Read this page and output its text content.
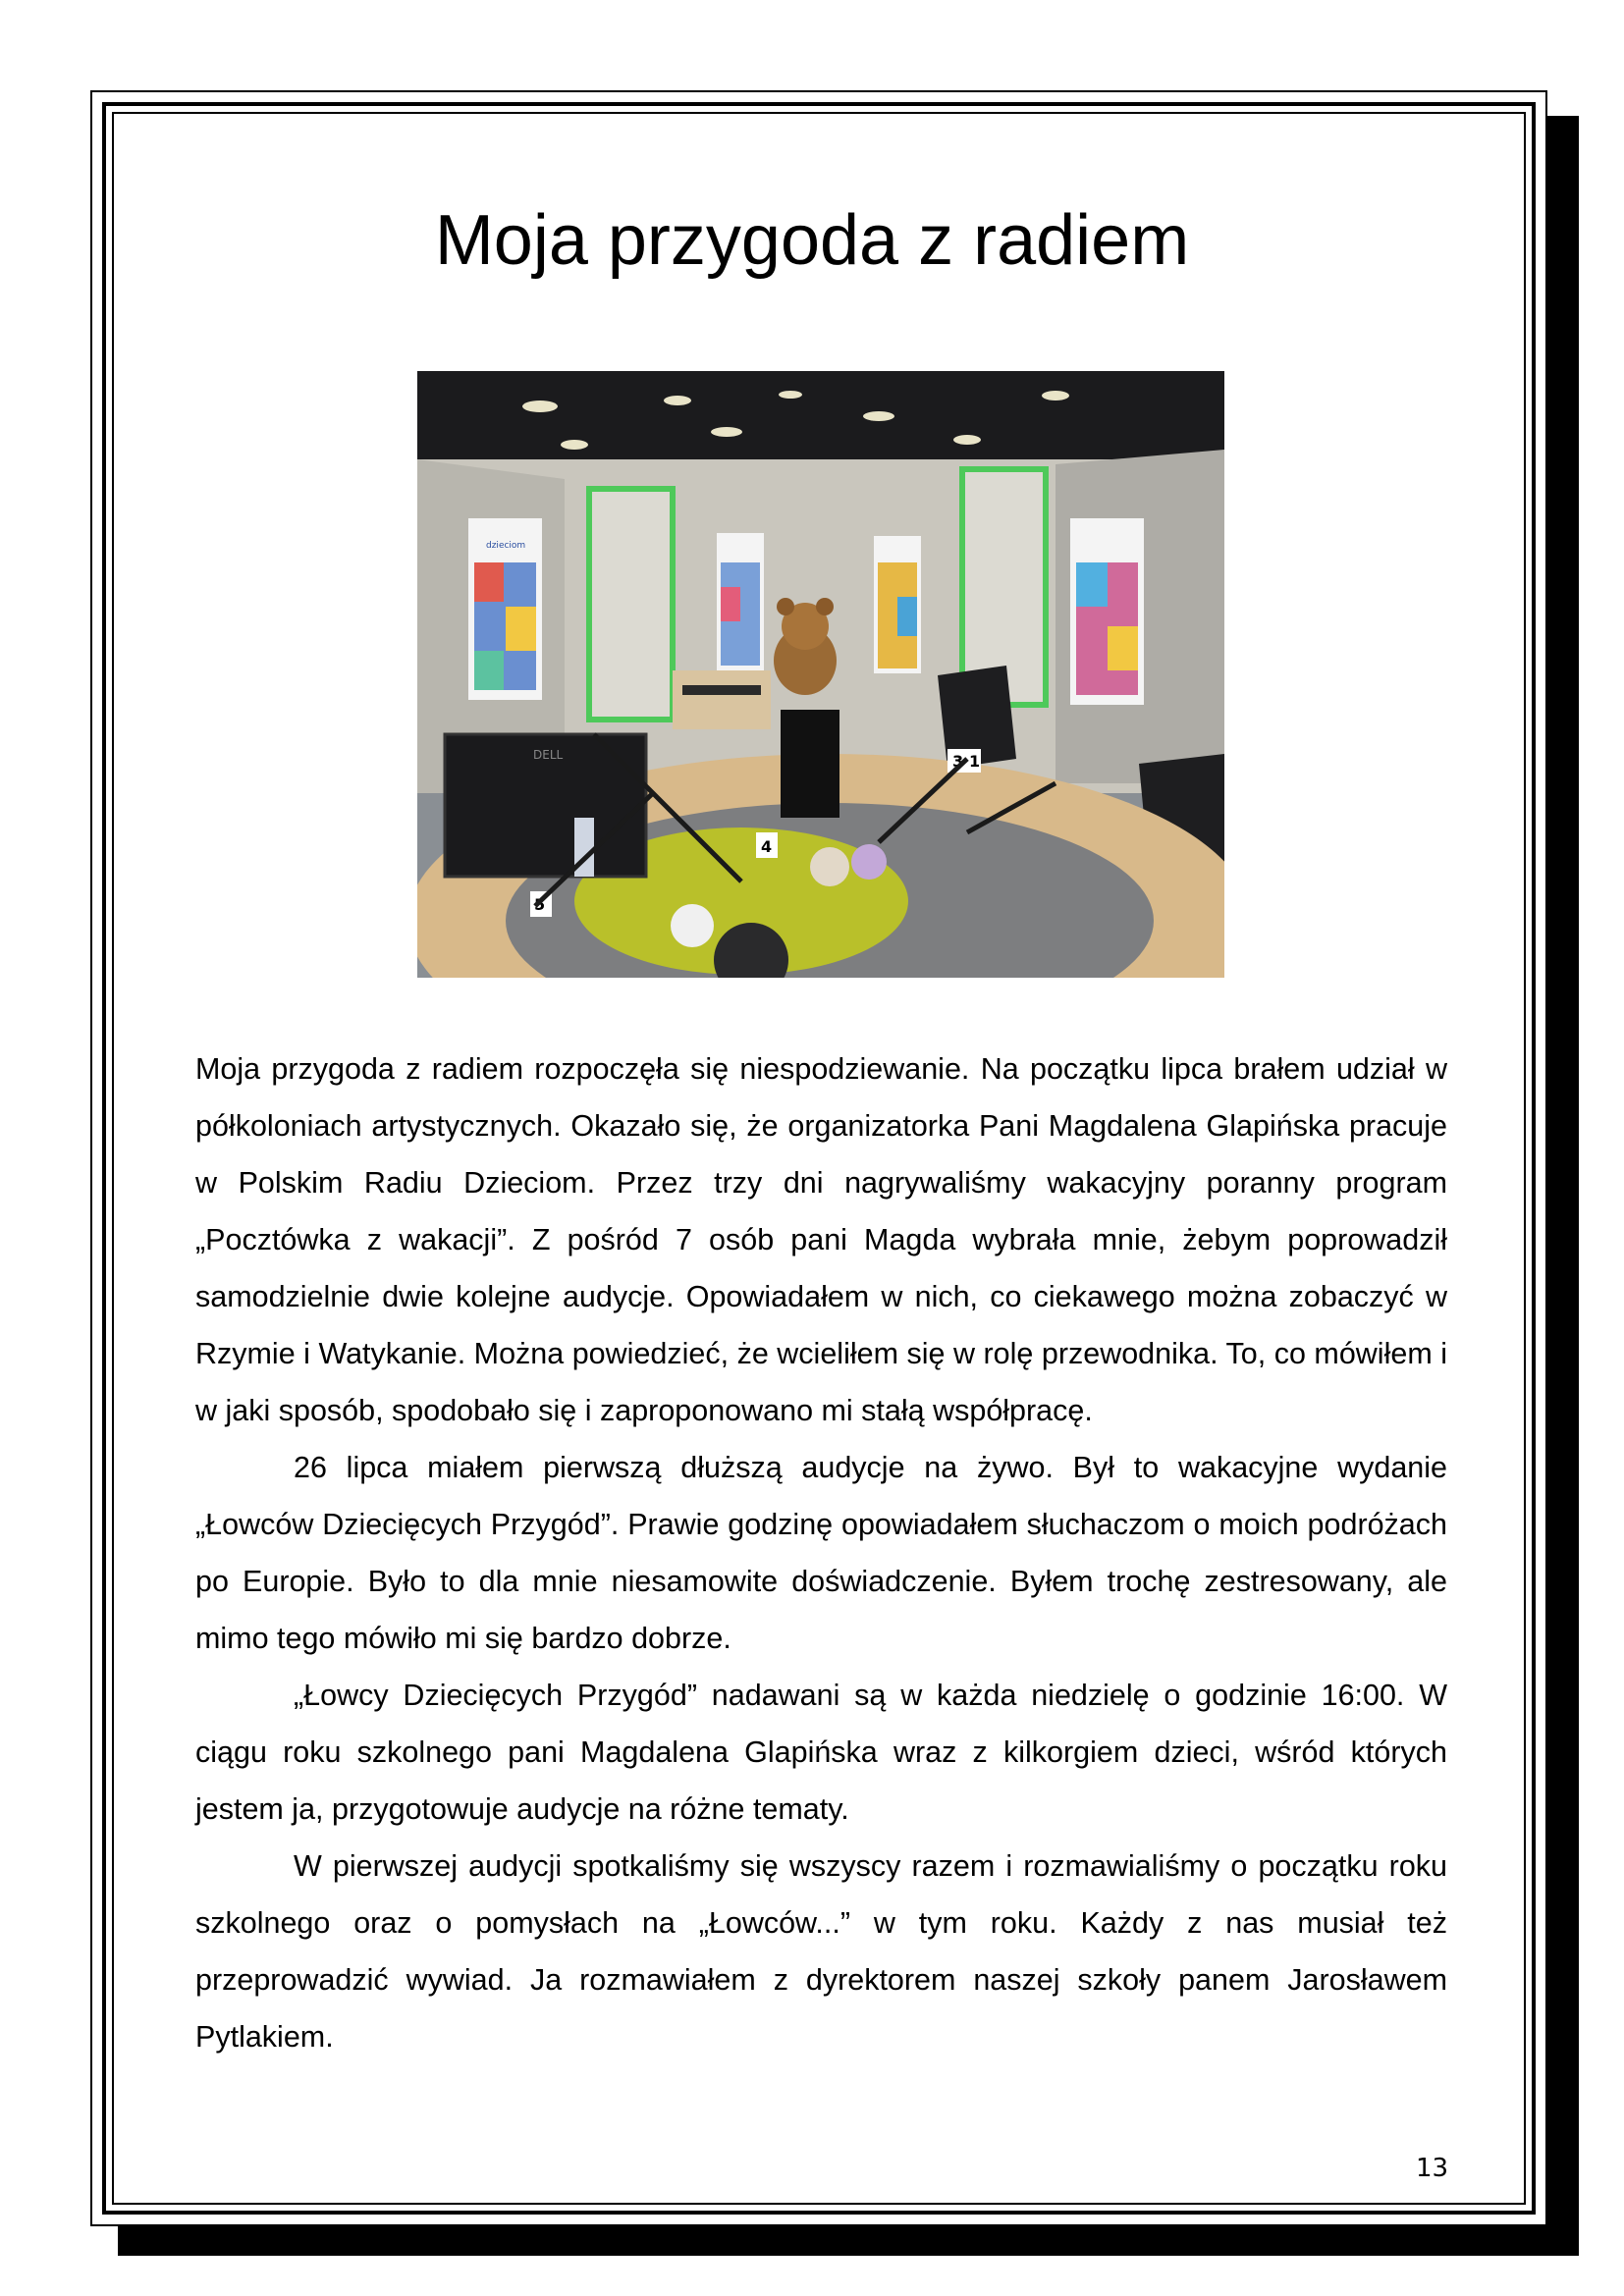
Moja przygoda z radiem
dzieciom
DELL	3 1
4
5

Moja przygoda z radiem rozpoczęła się niespodziewanie. Na początku lipca brałem udział w półkoloniach artystycznych. Okazało się, że organizatorka Pani Magdalena Glapińska pracuje w Polskim Radiu Dzieciom. Przez trzy dni nagrywaliśmy wakacyjny poranny program „Pocztówka z wakacji”. Z pośród 7 osób pani Magda wybrała mnie, żebym poprowadził samodzielnie dwie kolejne audycje. Opowiadałem w nich, co ciekawego można zobaczyć w Rzymie i Watykanie. Można powiedzieć, że wcieliłem się w rolę przewodnika. To, co mówiłem i w jaki sposób, spodobało się i zaproponowano mi stałą współpracę.

26 lipca miałem pierwszą dłuższą audycje na żywo. Był to wakacyjne wydanie „Łowców Dziecięcych Przygód”. Prawie godzinę opowiadałem słuchaczom o moich podróżach po Europie. Było to dla mnie niesamowite doświadczenie. Byłem trochę zestresowany, ale mimo tego mówiło mi się bardzo dobrze.

„Łowcy Dziecięcych Przygód” nadawani są w każda niedzielę o godzinie 16:00. W ciągu roku szkolnego pani Magdalena Glapińska wraz z kilkorgiem dzieci, wśród których jestem ja, przygotowuje audycje na różne tematy.

W pierwszej audycji spotkaliśmy się wszyscy razem i rozmawialiśmy o początku roku szkolnego oraz o pomysłach na „Łowców...” w tym roku. Każdy z nas musiał też przeprowadzić wywiad. Ja rozmawiałem z dyrektorem naszej szkoły panem Jarosławem Pytlakiem.

13
